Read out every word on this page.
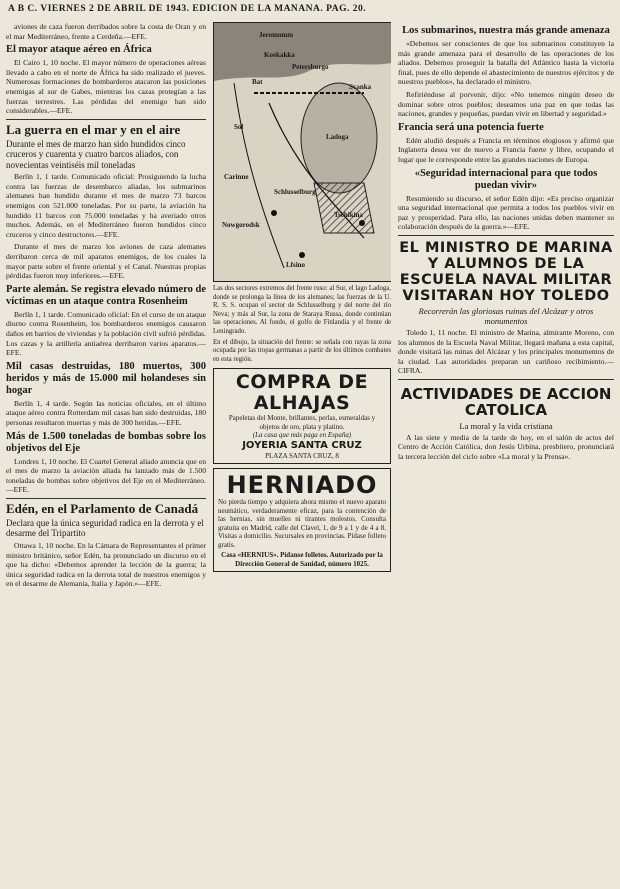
A B C. VIERNES 2 DE ABRIL DE 1943. EDICION DE LA MAÑANA. PAG. 20.

aviones de caza fueron derribados sobre la costa de Oran y en el mar Mediterráneo, frente a Cerdeña.—EFE.

El mayor ataque aéreo en África

El Cairo 1, 10 noche. El mayor número de operaciones aéreas llevado a cabo en el norte de África ha sido realizado el jueves. Numerosas formaciones de bombarderos atacaron las posiciones enemigas al sur de Gabes, mientras los cazas protegían a las fuerzas terrestres. Las pérdidas del enemigo han sido considerables.—EFE.

La guerra en el mar y en el aire
Durante el mes de marzo han sido hundidos cinco cruceros y cuarenta y cuatro barcos aliados, con novecientas veintiséis mil toneladas

Berlín 1, 1 tarde. Comunicado oficial: Prosiguiendo la lucha contra las fuerzas de desembarco aliadas, los submarinos alemanes han hundido durante el mes de marzo 73 barcos enemigos con 521.000 toneladas. Por su parte, la aviación ha hundido 11 barcos con 75.000 toneladas y ha averiado otros muchos. Además, en el Mediterráneo fueron hundidos cinco cruceros y cinco destructores.—EFE.

Durante el mes de marzo los aviones de caza alemanes derribaron cerca de mil aparatos enemigos, de los cuales la mayor parte sobre el frente oriental y el Canal. Nuestras propias pérdidas fueron muy inferiores.—EFE.

Parte alemán. Se registra elevado número de víctimas en un ataque contra Rosenheim

Berlín 1, 1 tarde. Comunicado oficial: En el curso de un ataque diurno contra Rosenheim, los bombarderos enemigos causaron daños en barrios de viviendas y la población civil sufrió pérdidas. Los cazas y la artillería antiaérea derribaron varios aparatos.—EFE.

Mil casas destruidas, 180 muertos, 300 heridos y más de 15.000 mil holandeses sin hogar

Berlín 1, 4 tarde. Según las noticias oficiales, en el último ataque aéreo contra Rotterdam mil casas han sido destruidas, 180 personas resultaron muertas y más de 300 heridas.—EFE.

Más de 1.500 toneladas de bombas sobre los objetivos del Eje

Londres 1, 10 noche. El Cuartel General aliado anuncia que en el mes de marzo la aviación aliada ha lanzado más de 1.500 toneladas de bombas sobre objetivos del Eje en el Mediterráneo.—EFE.

Edén, en el Parlamento de Canadá
Declara que la única seguridad radica en la derrota y el desarme del Tripartito

Ottawa 1, 10 noche. En la Cámara de Representantes el primer ministro británico, señor Edén, ha pronunciado un discurso en el que ha dicho: «Debemos aprender la lección de la guerra; la única seguridad radica en la derrota total de nuestros enemigos y en el desarme de Alemania, Italia y Japón.»—EFE.

Jeromomm
Koekakka
Petersburgo
Bat
Svanka
Sol
Ladoga
Carinne
Schlusselburg
Nowgorodsk
Tschikina
Lfsino
Las dos sectores extremos del frente ruso: al Sur, el lago Ladoga, donde se prolonga la línea de los alemanes; las fuerzas de la U. R. S. S. ocupan el sector de Schlusselburg y del norte del río Neva; y más al Sur, la zona de Staraya Russa, donde continúan las operaciones. Al fondo, el golfo de Finlandia y el frente de Leningrado.
En el dibujo, la situación del frente: se señala con rayas la zona ocupada por las tropas germanas a partir de los últimos combates en esta región.
COMPRA DE ALHAJAS
Papeletas del Monte, brillantes, perlas, esmeraldas y objetos de oro, plata y platino.
(La casa que más paga en España)
JOYERIA SANTA CRUZ
PLAZA SANTA CRUZ, 8
HERNIADO
No pierda tiempo y adquiera ahora mismo el nuevo aparato neumático, verdaderamente eficaz, para la contención de las hernias, sin muelles ni tirantes molestos. Consulta gratuita en Madrid, calle del Clavel, 1, de 9 a 1 y de 4 a 8. Visitas a domicilio. Sucursales en provincias. Pídase folleto gratis.
Casa «HERNIUS». Pídanse folletos. Autorizado por la Dirección General de Sanidad, número 1025.
Los submarinos, nuestra más grande amenaza

«Debemos ser conscientes de que los submarinos constituyen la más grande amenaza para el desarrollo de las operaciones de los aliados. Debemos proseguir la batalla del Atlántico hasta la victoria final, pues de ello depende el abastecimiento de nuestros ejércitos y de nuestros pueblos», ha declarado el ministro.

Refiriéndose al porvenir, dijo: «No tenemos ningún deseo de dominar sobre otros pueblos; deseamos una paz en que todas las naciones, grandes y pequeñas, puedan vivir en libertad y seguridad.»

Francia será una potencia fuerte

Edén aludió después a Francia en términos elogiosos y afirmó que Inglaterra desea ver de nuevo a Francia fuerte y libre, ocupando el lugar que le corresponde entre las grandes naciones de Europa.

«Seguridad internacional para que todos puedan vivir»

Resumiendo su discurso, el señor Edén dijo: «Es preciso organizar una seguridad internacional que permita a todos los pueblos vivir en paz y prosperidad. Para ello, las naciones unidas deben mantener su colaboración después de la guerra.»—EFE.

EL MINISTRO DE MARINA Y ALUMNOS DE LA ESCUELA NAVAL MILITAR VISITARAN HOY TOLEDO
Recorrerán las gloriosas ruinas del Alcázar y otros monumentos

Toledo 1, 11 noche. El ministro de Marina, almirante Moreno, con los alumnos de la Escuela Naval Militar, llegará mañana a esta capital, donde visitará las ruinas del Alcázar y los principales monumentos de la ciudad. Las autoridades preparan un cariñoso recibimiento.—CIFRA.

ACTIVIDADES DE ACCION CATOLICA
La moral y la vida cristiana

A las siete y media de la tarde de hoy, en el salón de actos del Centro de Acción Católica, don Jesús Urbina, presbítero, pronunciará la tercera lección del ciclo sobre «La moral y la Prensa».
